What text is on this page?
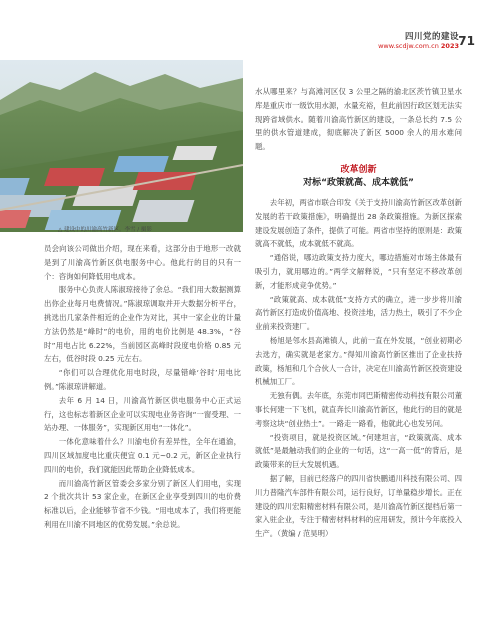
四川党的建设
www.scdjw.com.cn 2023 71
△ 建设中的川渝高竹新区。李雪 / 摄影

员会向该公司做出介绍，现在来看，这部分由于地形一改就是到了川渝高竹新区供电服务中心。他此行的目的只有一个：咨询如何降低用电成本。

服务中心负责人陈淑琼接待了余总。“我们用大数据测算出你企业每月电费情况。”陈淑琼调取并开大数据分析平台，挑选出几家条件相近的企业作为对比，其中一家企业的计量方法仍然是“峰时”的电价，用的电价比例是 48.3%，“谷时”用电占比 6.22%，当前园区高峰时段度电价格 0.85 元左右，低谷时段 0.25 元左右。

“你们可以合理优化用电时段，尽量错峰‘谷时’用电比例。”陈淑琼讲解道。

去年 6 月 14 日，川渝高竹新区供电服务中心正式运行，这也标志着新区企业可以实现电业务咨询“一窗受理、一站办理、一体服务”，实现新区用电“一体化”。

一体化意味着什么？川渝电价有差异性，全年在通渝，四川区域加度电比重庆便宜 0.1 元~0.2 元，新区企业执行四川的电价，我们就能因此帮助企业降低成本。

而川渝高竹新区管委会多家分别了新区人们用电，实现 2 个批次共计 53 家企业，在新区企业享受到四川的电价费标准以后，企业能够节省不少钱。“用电成本了，我们将更能利用在川渝不同地区的优势发展。”余总说。

水从哪里来？与高滩河区仅 3 公里之隔的渝北区茨竹镇卫星水库是重庆市一级饮用水源，水量充裕，但此前因行政区划无法实现跨省域供水。随着川渝高竹新区的建设，一条总长约 7.5 公里的供水管道建成，彻底解决了新区 5000 余人的用水难问题。

改革创新
对标“政策就高、成本就低”

去年初，两省市联合印发《关于支持川渝高竹新区改革创新发展的若干政策措施》，明确提出 28 条政策措施。为新区探索建设发展创造了条件，提供了可能。两省市坚持的原则是：政策就高不就低，成本就低不就高。

“通俗说，哪边政策支持力度大，哪边措施对市场主体最有吸引力，就用哪边的。”两学文解释说，“只有坚定不移改革创新，才能形成竞争优势。”

“政策就高、成本就低”支持方式的确立，进一步步将川渝高竹新区打造成价值高地、投资洼地，活力热土，吸引了不少企业前来投资建厂。

杨旭是邻水县高滩镇人，此前一直在外发展，“创业初期必去选方，确实就是老家方。”得知川渝高竹新区推出了企业扶持政策，杨旭和几个合伙人一合计，决定在川渝高竹新区投资建设机械加工厂。

无独有偶。去年底，东莞市同巴斯精密传动科技有限公司董事长何建一下飞机，就直奔长川渝高竹新区，他此行的目的就是考察这块“创业热土”。一路走一路看，他就此心也发另问。

“投资项目，就是投资区域。”何建坦言，“政策就高、成本就低”是最触动我们的企业的一句话，这“一高一低”的背后，是政策带来的巨大发展机遇。

据了解，目前已经落户的四川省快鹏通川科技有限公司、四川力普隆汽车部件有限公司，运行良好，订单量稳步增长。正在建设的四川宏阳精密材料有限公司，是川渝高竹新区提档后第一家入驻企业，专注于精密材料材料的应用研发，预计今年底投入生产。（黄编 / 范昊明）
